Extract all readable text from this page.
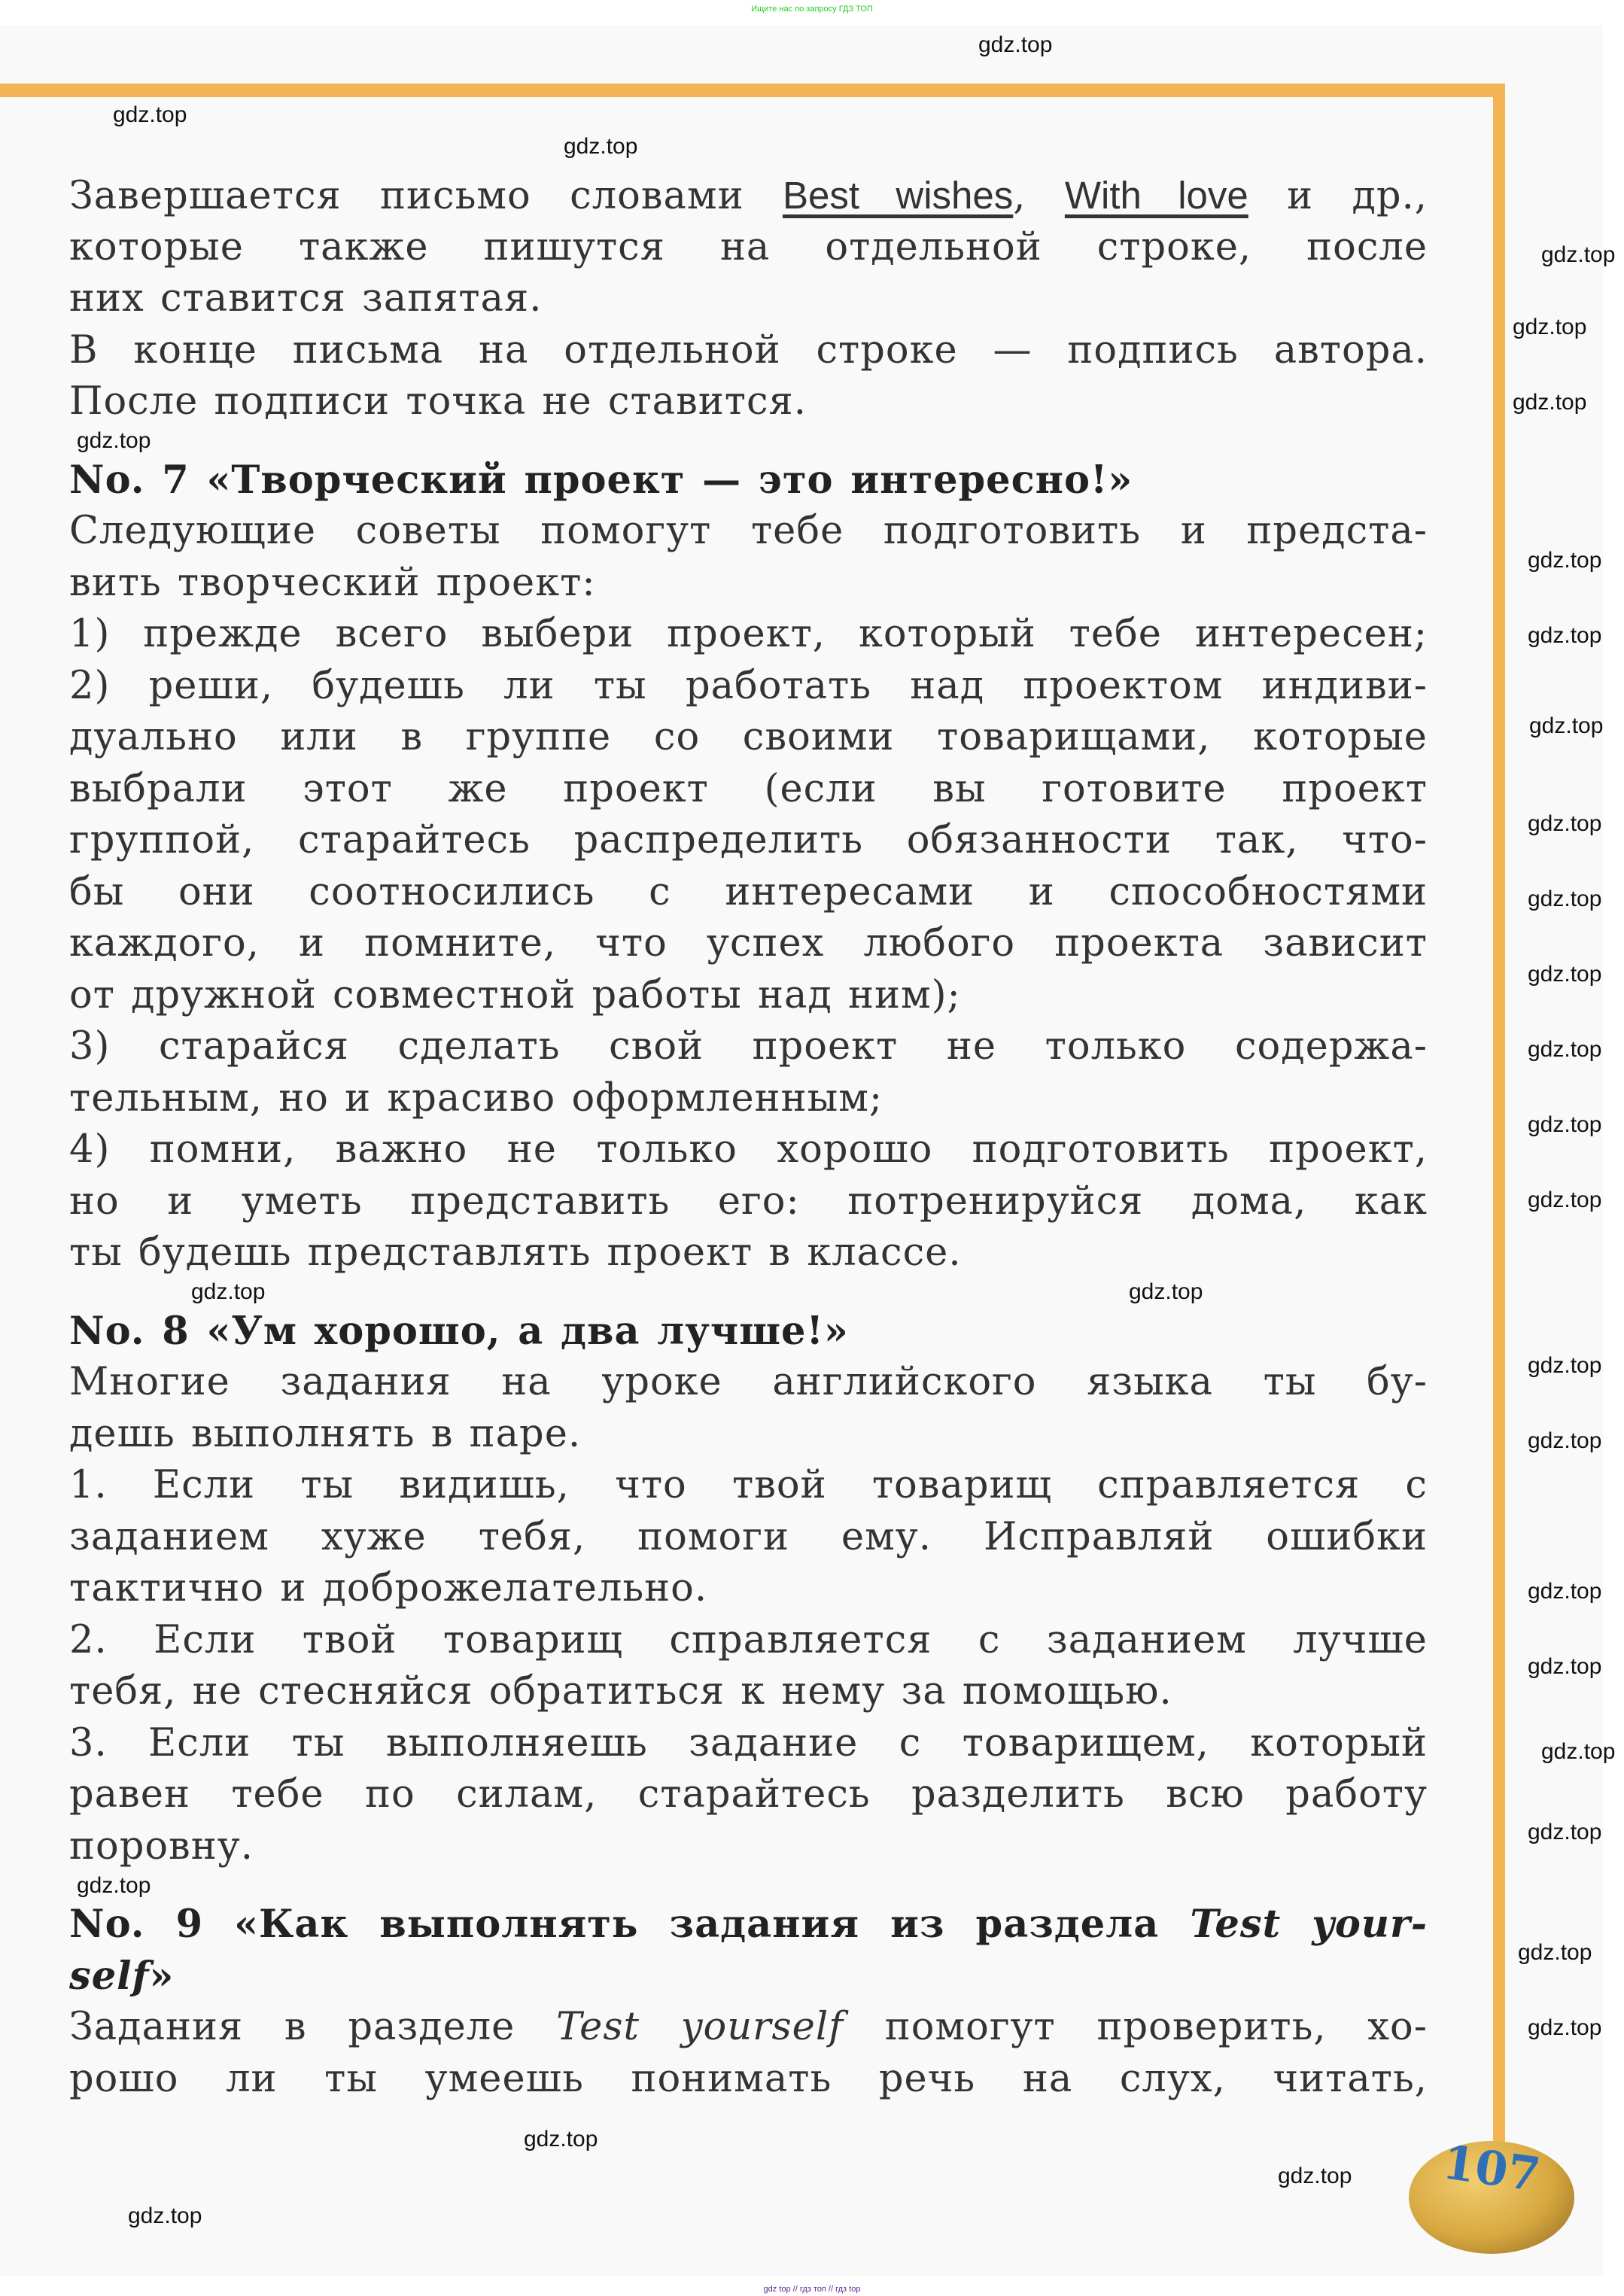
Ищите нас по запросу ГДЗ ТОП
Завершается письмо словами Best wishes, With love и др.,
которые также пишутся на отдельной строке, после
них ставится запятая.
В конце письма на отдельной строке — подпись автора.
После подписи точка не ставится.
No. 7 «Творческий проект — это интересно!»
Следующие советы помогут тебе подготовить и предста-
вить творческий проект:
1) прежде всего выбери проект, который тебе интересен;
2) реши, будешь ли ты работать над проектом индиви-
дуально или в группе со своими товарищами, которые
выбрали этот же проект (если вы готовите проект
группой, старайтесь распределить обязанности так, что-
бы они соотносились с интересами и способностями
каждого, и помните, что успех любого проекта зависит
от дружной совместной работы над ним);
3) старайся сделать свой проект не только содержа-
тельным, но и красиво оформленным;
4) помни, важно не только хорошо подготовить проект,
но и уметь представить его: потренируйся дома, как
ты будешь представлять проект в классе.
No. 8 «Ум хорошо, а два лучше!»
Многие задания на уроке английского языка ты бу-
дешь выполнять в паре.
1. Если ты видишь, что твой товарищ справляется с
заданием хуже тебя, помоги ему. Исправляй ошибки
тактично и доброжелательно.
2. Если твой товарищ справляется с заданием лучше
тебя, не стесняйся обратиться к нему за помощью.
3. Если ты выполняешь задание с товарищем, который
равен тебе по силам, старайтесь разделить всю работу
поровну.
No. 9 «Как выполнять задания из раздела Test your-
self»
Задания в разделе Test yourself помогут проверить, хо-
рошо ли ты умеешь понимать речь на слух, читать,
gdz.top
gdz.top
gdz.top
gdz.top
gdz.top
gdz.top
gdz.top
gdz.top
gdz.top
gdz.top
gdz.top
gdz.top
gdz.top
gdz.top
gdz.top
gdz.top
gdz.top
gdz.top
gdz.top
gdz.top
gdz.top
gdz.top
gdz.top
gdz.top
gdz.top
gdz.top
gdz.top
gdz.top
gdz.top
gdz.top
107
gdz top // гдз топ // гдз top
